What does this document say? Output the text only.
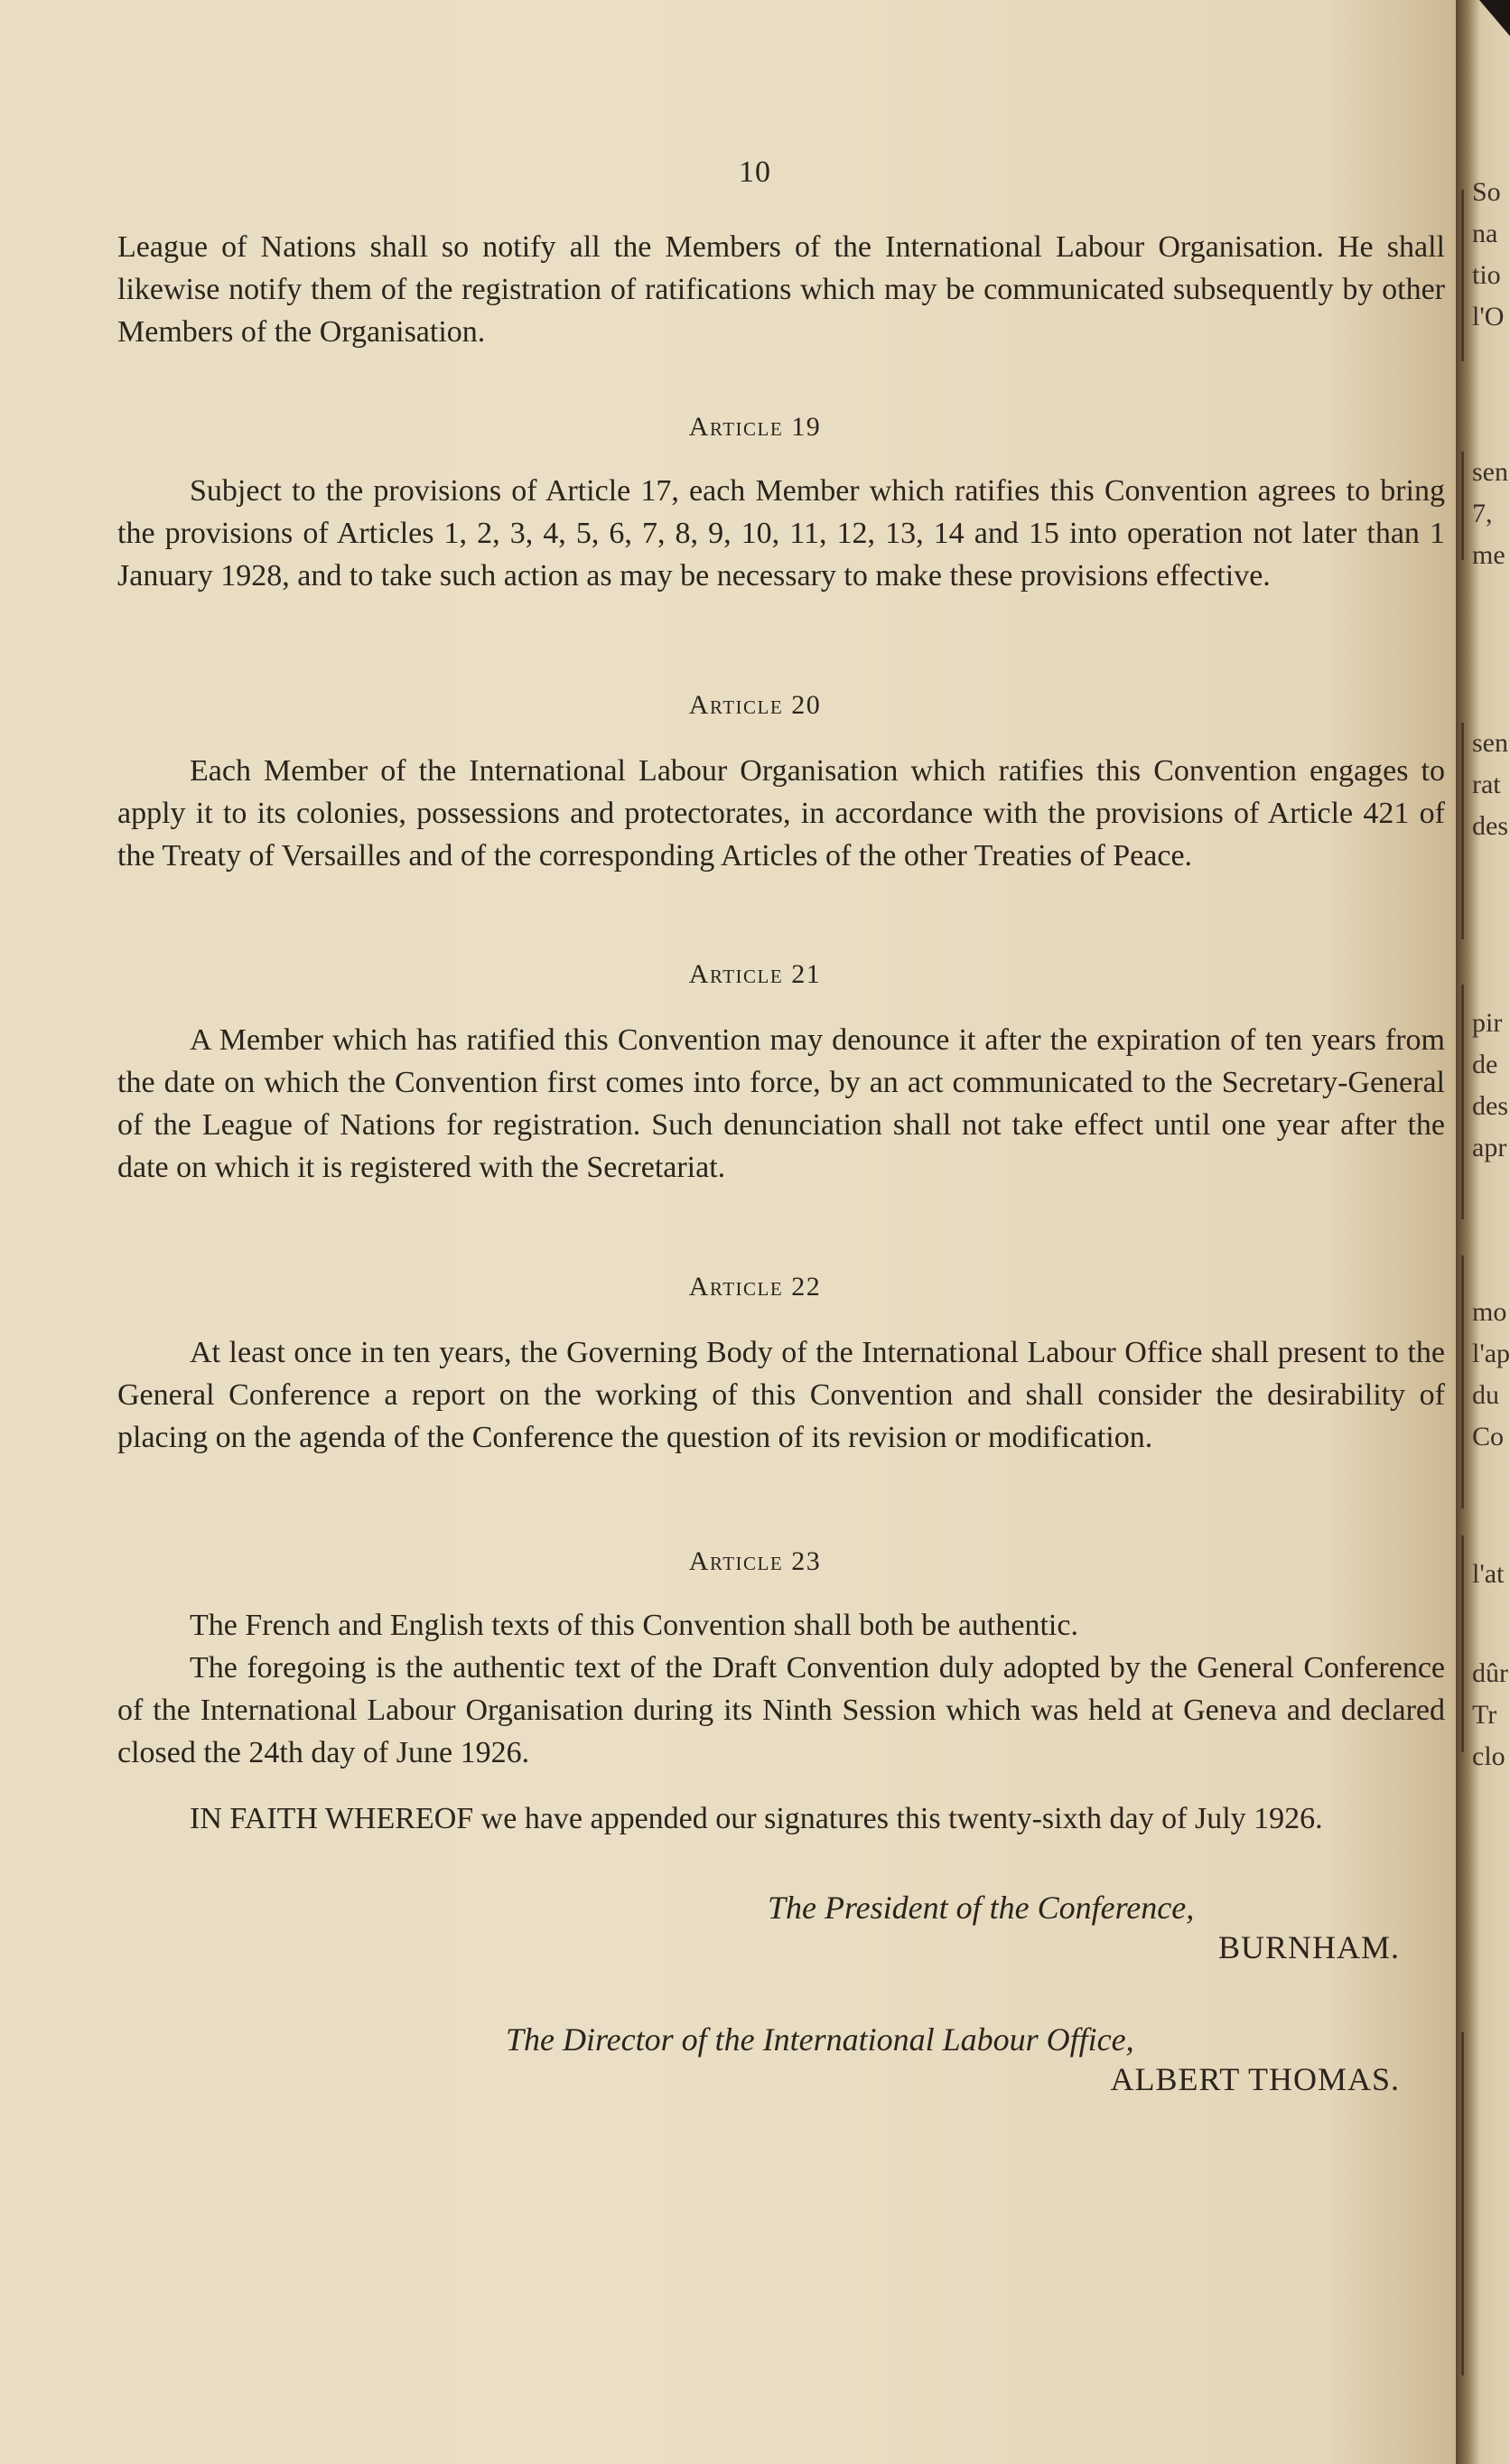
10

League of Nations shall so notify all the Members of the International Labour Organisation. He shall likewise notify them of the registration of ratifications which may be communicated subsequently by other Members of the Organisation.

Article 19

Subject to the provisions of Article 17, each Member which ratifies this Convention agrees to bring the provisions of Articles 1, 2, 3, 4, 5, 6, 7, 8, 9, 10, 11, 12, 13, 14 and 15 into operation not later than 1 January 1928, and to take such action as may be necessary to make these provisions effective.

Article 20

Each Member of the International Labour Organisation which ratifies this Convention engages to apply it to its colonies, possessions and protectorates, in accordance with the provisions of Article 421 of the Treaty of Versailles and of the corresponding Articles of the other Treaties of Peace.

Article 21

A Member which has ratified this Convention may denounce it after the expiration of ten years from the date on which the Convention first comes into force, by an act communicated to the Secretary-General of the League of Nations for registration. Such denunciation shall not take effect until one year after the date on which it is registered with the Secretariat.

Article 22

At least once in ten years, the Governing Body of the International Labour Office shall present to the General Conference a report on the working of this Convention and shall consider the desirability of placing on the agenda of the Conference the question of its revision or modification.

Article 23

The French and English texts of this Convention shall both be authentic.

The foregoing is the authentic text of the Draft Convention duly adopted by the General Conference of the International Labour Organisation during its Ninth Session which was held at Geneva and declared closed the 24th day of June 1926.

IN FAITH WHEREOF we have appended our signatures this twenty-sixth day of July 1926.

The President of the Conference,
BURNHAM.
The Director of the International Labour Office,
ALBERT THOMAS.
So
na
tio
l'O
sen
7,
me
sen
rat
des
pir
de
des
apr
mo
l'ap
du
Co
l'at
dûr
Tr
clo
